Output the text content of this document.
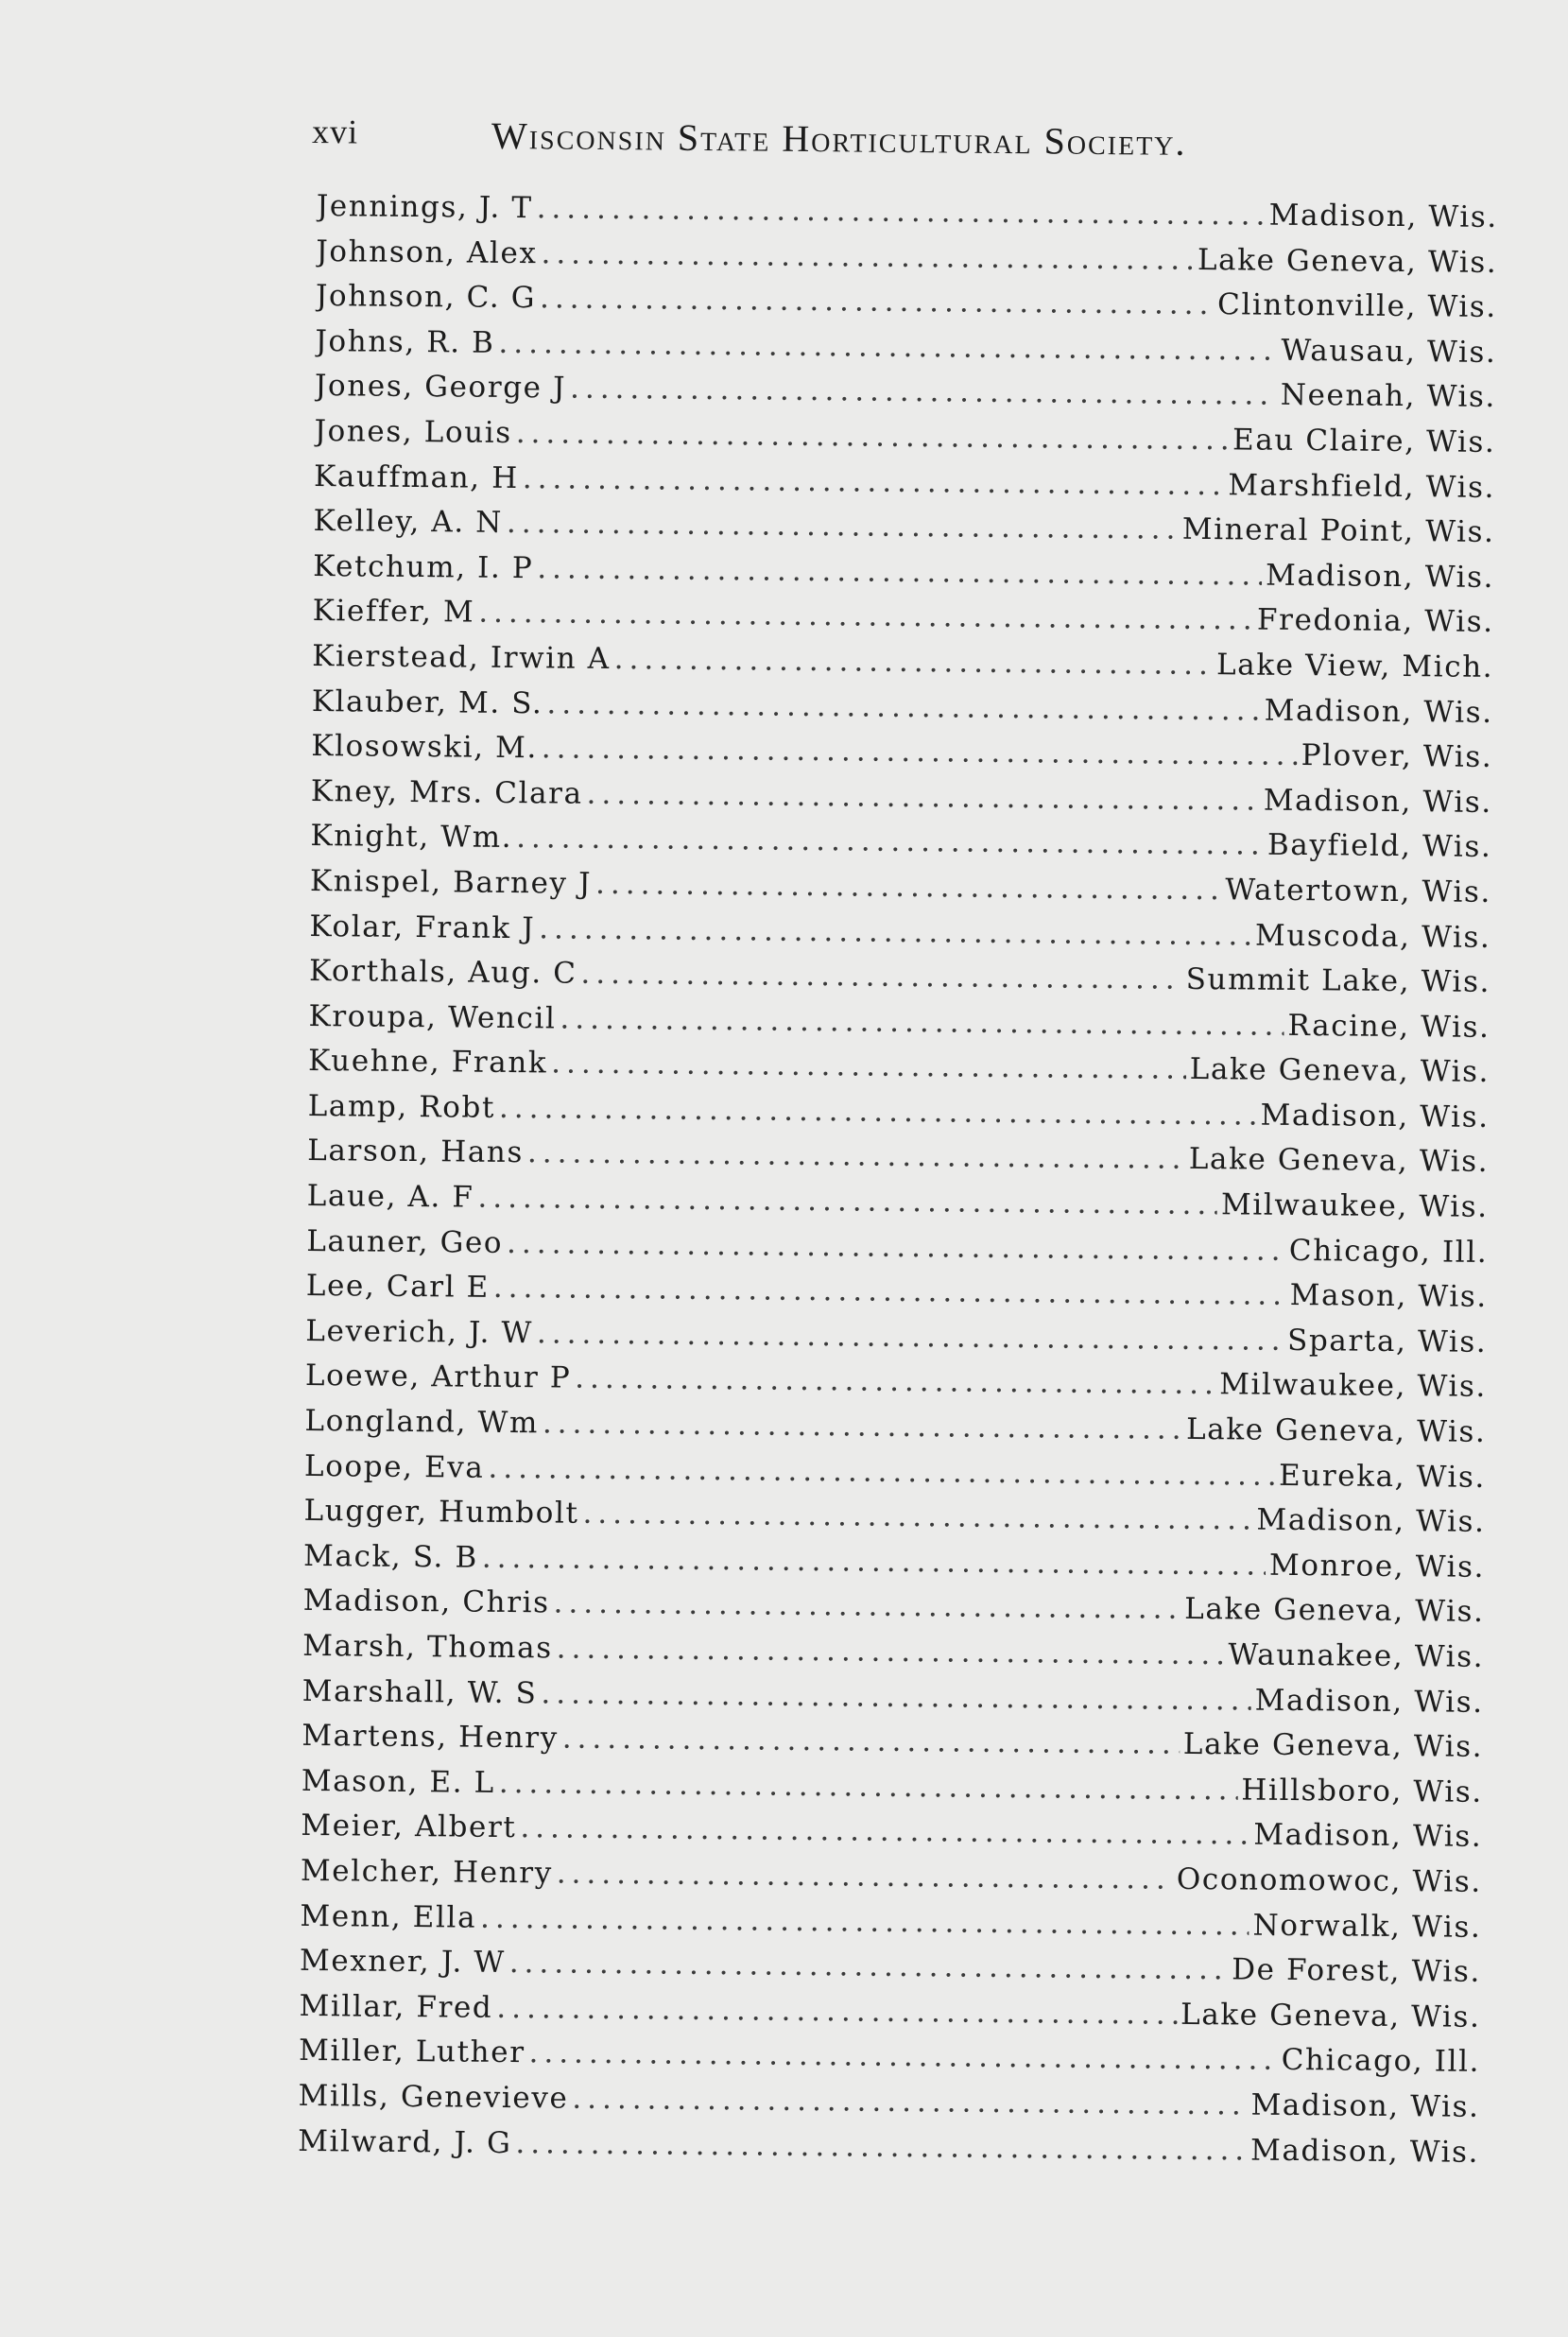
xvi	Wisconsin State Horticultural Society.
Jennings, J. T .....	Madison, Wis.
Johnson, Alex .....	Lake Geneva, Wis.
Johnson, C. G .....	Clintonville, Wis.
Johns, R. B .....	Wausau, Wis.
Jones, George J .....	Neenah, Wis.
Jones, Louis .....	Eau Claire, Wis.
Kauffman, H .....	Marshfield, Wis.
Kelley, A. N .....	Mineral Point, Wis.
Ketchum, I. P .....	Madison, Wis.
Kieffer, M .....	Fredonia, Wis.
Kierstead, Irwin A .....	Lake View, Mich.
Klauber, M. S. .....	Madison, Wis.
Klosowski, M. .....	Plover, Wis.
Kney, Mrs. Clara .....	Madison, Wis.
Knight, Wm. .....	Bayfield, Wis.
Knispel, Barney J .....	Watertown, Wis.
Kolar, Frank J .....	Muscoda, Wis.
Korthals, Aug. C .....	Summit Lake, Wis.
Kroupa, Wencil .....	Racine, Wis.
Kuehne, Frank .....	Lake Geneva, Wis.
Lamp, Robt .....	Madison, Wis.
Larson, Hans .....	Lake Geneva, Wis.
Laue, A. F .....	Milwaukee, Wis.
Launer, Geo .....	Chicago, Ill.
Lee, Carl E .....	Mason, Wis.
Leverich, J. W .....	Sparta, Wis.
Loewe, Arthur P .....	Milwaukee, Wis.
Longland, Wm .....	Lake Geneva, Wis.
Loope, Eva .....	Eureka, Wis.
Lugger, Humbolt .....	Madison, Wis.
Mack, S. B .....	Monroe, Wis.
Madison, Chris .....	Lake Geneva, Wis.
Marsh, Thomas .....	Waunakee, Wis.
Marshall, W. S .....	Madison, Wis.
Martens, Henry .....	Lake Geneva, Wis.
Mason, E. L .....	Hillsboro, Wis.
Meier, Albert .....	Madison, Wis.
Melcher, Henry .....	Oconomowoc, Wis.
Menn, Ella .....	Norwalk, Wis.
Mexner, J. W .....	De Forest, Wis.
Millar, Fred .....	Lake Geneva, Wis.
Miller, Luther .....	Chicago, Ill.
Mills, Genevieve .....	Madison, Wis.
Milward, J. G .....	Madison, Wis.
